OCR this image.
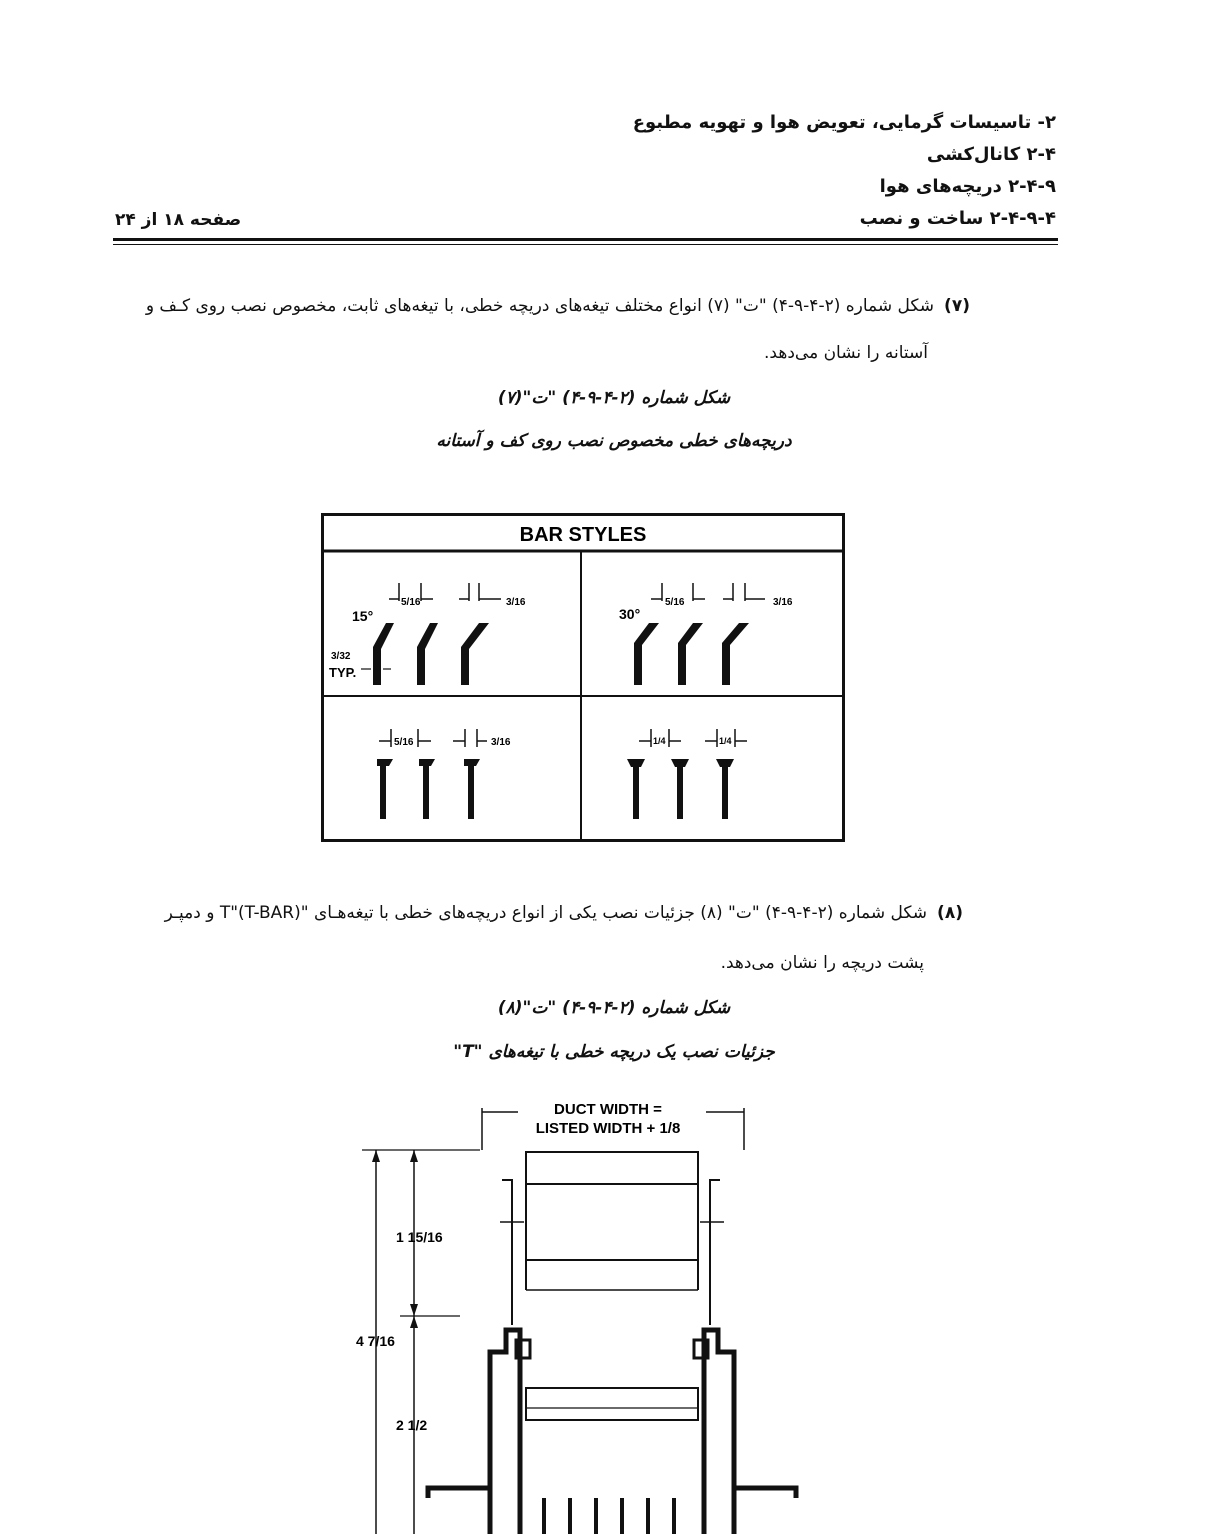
۲- تاسیسات گرمایی، تعویض هوا و تهویه مطبوع
۲-۴ کانال‌کشی
۲-۴-۹ دریچه‌های هوا
۲-۴-۹-۴ ساخت و نصب
صفحه ۱۸ از ۲۴
(۷)شکل شماره (۲-۴-۹-۴) "ت" (۷) انواع مختلف تیغه‌های دریچه خطی، با تیغه‌های ثابت، مخصوص نصب روی کـف و
آستانه را نشان می‌دهد.
شکل شماره (۲-۴-۹-۴) "ت"(۷)
دریچه‌های خطی مخصوص نصب روی کف و آستانه
BAR STYLES
15°
5/16	3/16
3/32
TYP.
30°
5/16	3/16
5/16	3/16	1/4	1/4
(۸)شکل شماره (۲-۴-۹-۴) "ت" (۸) جزئیات نصب یکی از انواع دریچه‌های خطی با تیغه‌هـای "T"(T-BAR) و دمپـر
پشت دریچه را نشان می‌دهد.
شکل شماره (۲-۴-۹-۴) "ت"(۸)
جزئیات نصب یک دریچه خطی با تیغه‌های "T"
DUCT WIDTH =
LISTED WIDTH + 1/8
1 15/16
4 7/16
2 1/2
